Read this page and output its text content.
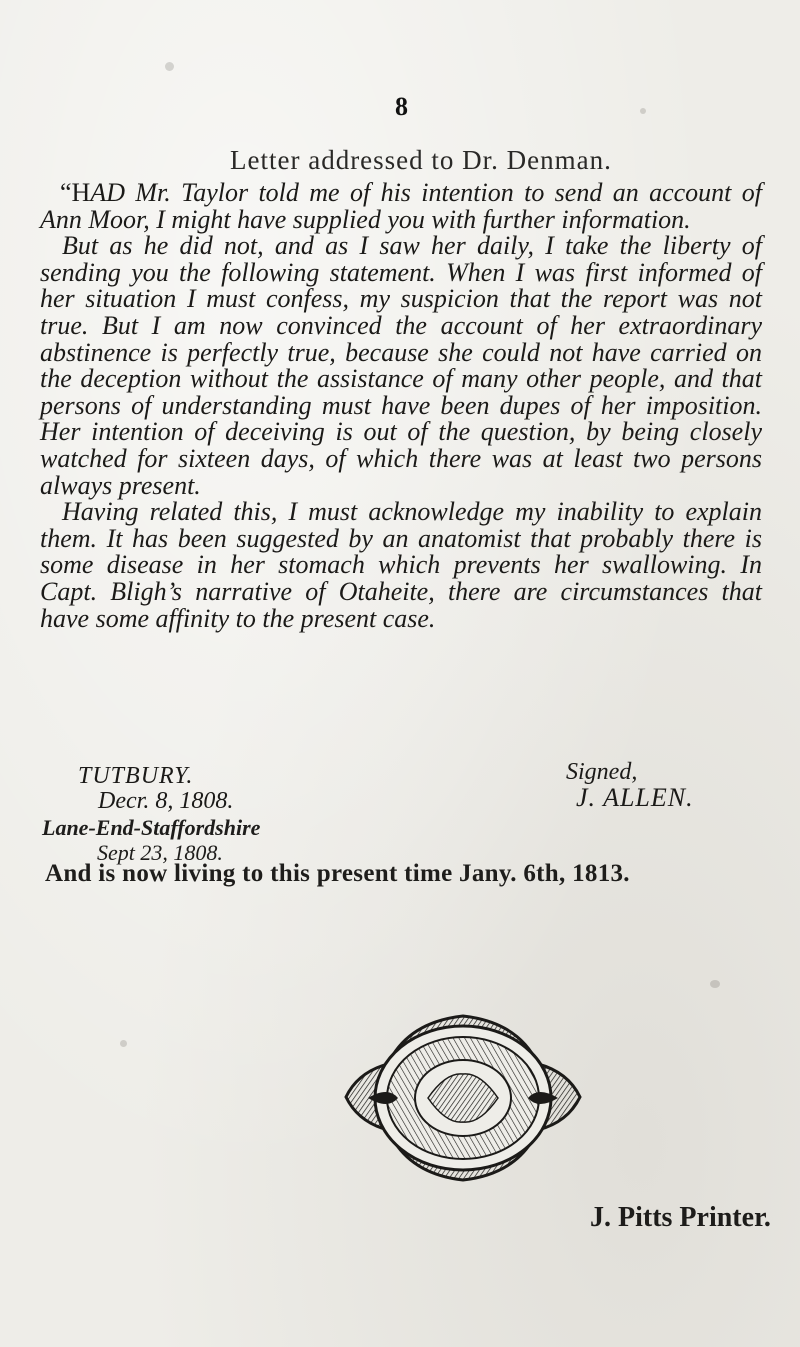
8
Letter addressed to Dr. Denman.

“HAD Mr. Taylor told me of his intention to send an account of Ann Moor, I might have supplied you with further information.

But as he did not, and as I saw her daily, I take the liberty of sending you the following statement. When I was first informed of her situation I must confess, my suspicion that the report was not true. But I am now convinced the account of her extraordinary abstinence is perfectly true, because she could not have carried on the deception without the assistance of many other people, and that persons of understanding must have been dupes of her imposition. Her intention of deceiving is out of the question, by being closely watched for sixteen days, of which there was at least two persons always present.

Having related this, I must acknowledge my inability to explain them. It has been suggested by an anatomist that probably there is some disease in her stomach which prevents her swallowing. In Capt. Bligh’s narrative of Otaheite, there are circumstances that have some affinity to the present case.

TUTBURY.
Decr. 8, 1808.
Signed,
J. ALLEN.
Lane-End-Staffordshire
Sept 23, 1808.
And is now living to this present time Jany. 6th, 1813.
J. Pitts Printer.
